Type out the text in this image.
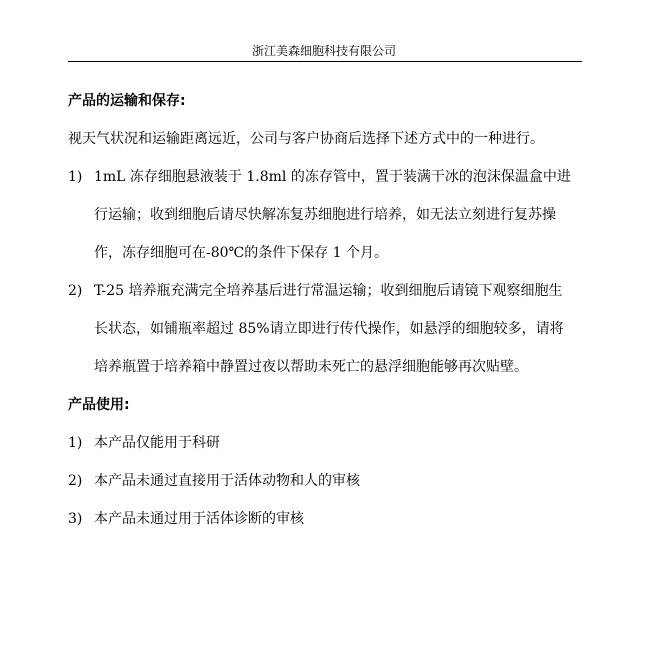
浙江美森细胞科技有限公司
产品的运输和保存:
视天气状况和运输距离远近，公司与客户协商后选择下述方式中的一种进行。
1) 1mL 冻存细胞悬液装于 1.8ml 的冻存管中，置于装满干冰的泡沫保温盒中进
行运输；收到细胞后请尽快解冻复苏细胞进行培养，如无法立刻进行复苏操
作，冻存细胞可在-80℃的条件下保存 1 个月。
2) T-25 培养瓶充满完全培养基后进行常温运输；收到细胞后请镜下观察细胞生
长状态，如铺瓶率超过 85%请立即进行传代操作，如悬浮的细胞较多，请将
培养瓶置于培养箱中静置过夜以帮助未死亡的悬浮细胞能够再次贴壁。
产品使用:
1) 本产品仅能用于科研
2) 本产品未通过直接用于活体动物和人的审核
3) 本产品未通过用于活体诊断的审核
